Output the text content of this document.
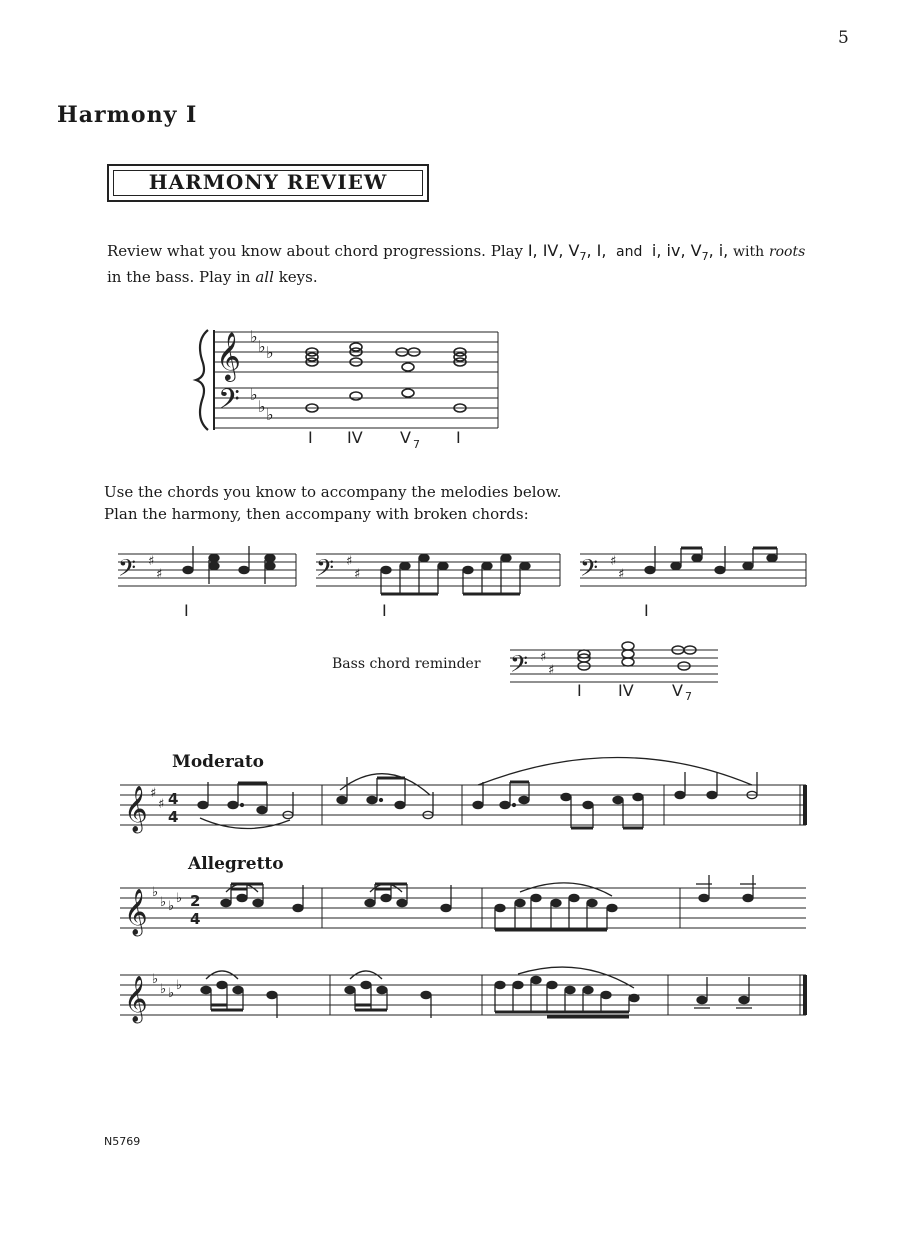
5
Harmony I
HARMONY REVIEW
Review what you know about chord progressions. Play I, IV, $V_7$, I, and i, iv, $V_7$, i, with roots
in the bass. Play in all keys.
𝄞
𝄢
♭
♭ ♭
♭
♭ ♭
I IV V 7 I
𝄢	𝄢	𝄢
𝄢
♯
♯
♯
♯
♯
♯
♯
♯
I	I	I
I IV V 7
𝄞 ♯
♯ 4
4
𝄞 ♭
♭ ♭
♭ 2
4
𝄞 ♭
♭ ♭
♭
Use the chords you know to accompany the melodies below.
Plan the harmony, then accompany with broken chords:
Bass chord reminder
Moderato
Allegretto
N5769
